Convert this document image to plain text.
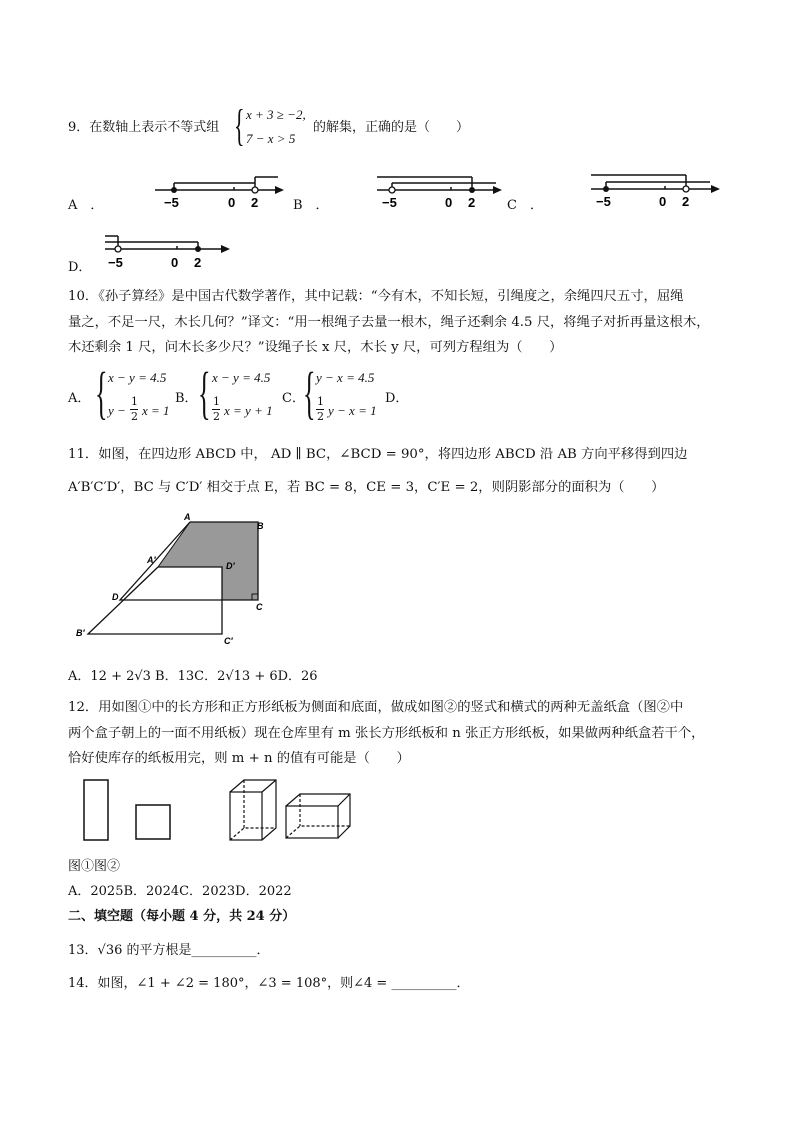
9．在数轴上表示不等式组 { x + 3 ≥ −2,
7 − x > 5
的解集，正确的是（　　）
A　．	B　．	C　．
D．
−5	0 2	−5	0 2	−5	0 2
−5	0 2
10．《孙子算经》是中国古代数学著作，其中记载：“今有木，不知长短，引绳度之，余绳四尺五寸，屈绳
量之，不足一尺，木长几何？”译文：“用一根绳子去量一根木，绳子还剩余 4.5 尺，将绳子对折再量这根木，
木还剩余 1 尺，问木长多少尺？”设绳子长 x 尺，木长 y 尺，可列方程组为（　　）
A． { x − y = 4.5
y −
1
2 x = 1
B． { x − y = 4.5
1
2 x = y + 1
C．
{ y − x = 4.5
1
2 y − x = 1
D．
11．如图，在四边形 ABCD 中， AD ∥ BC，∠BCD = 90°，将四边形 ABCD 沿 AB 方向平移得到四边
A′B′C′D′，BC 与 C′D′ 相交于点 E，若 BC = 8，CE = 3，C′E = 2，则阴影部分的面积为（　　）
A
B
A′
D′
D
C
B′
C′
A．12 + 2√3 B．13C．2√13 + 6D．26
12．用如图①中的长方形和正方形纸板为侧面和底面，做成如图②的竖式和横式的两种无盖纸盒（图②中
两个盒子朝上的一面不用纸板）现在仓库里有 m 张长方形纸板和 n 张正方形纸板，如果做两种纸盒若干个，
恰好使库存的纸板用完，则 m + n 的值有可能是（　　）
图①图②
A．2025B．2024C．2023D．2022
二、填空题（每小题 4 分，共 24 分）
13．√36 的平方根是__________．
14．如图，∠1 + ∠2 = 180°，∠3 = 108°，则∠4 = __________．
